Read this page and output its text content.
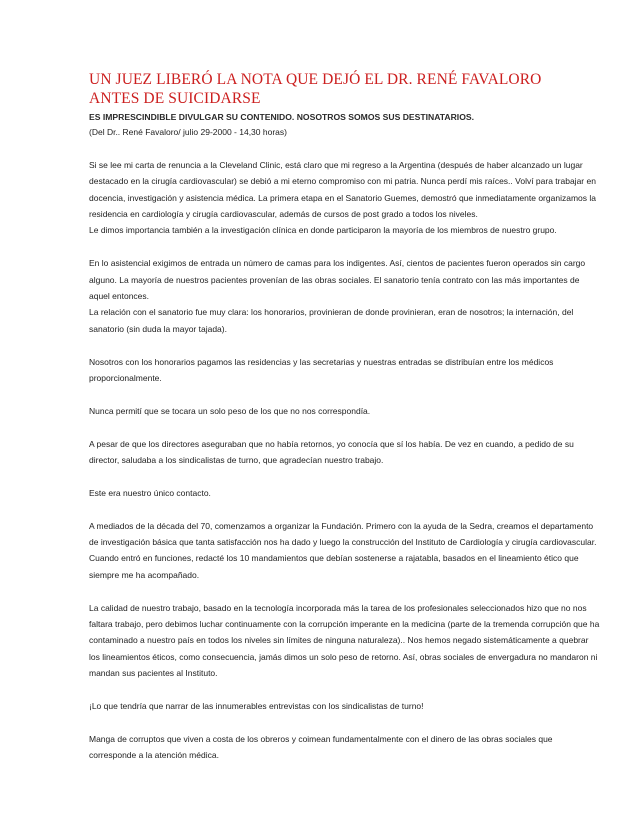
UN JUEZ LIBERÓ LA NOTA QUE DEJÓ EL DR. RENÉ FAVALORO
ANTES DE SUICIDARSE
ES IMPRESCINDIBLE DIVULGAR SU CONTENIDO. NOSOTROS SOMOS SUS DESTINATARIOS.

(Del Dr.. René Favaloro/ julio 29-2000 - 14,30 horas)

Si se lee mi carta de renuncia a la Cleveland Clinic, está claro que mi regreso a la Argentina (después de haber alcanzado un lugar destacado en la cirugía cardiovascular) se debió a mi eterno compromiso con mi patria. Nunca perdí mis raíces.. Volví para trabajar en docencia, investigación y asistencia médica. La primera etapa en el Sanatorio Guemes, demostró que inmediatamente organizamos la residencia en cardiología y cirugía cardiovascular, además de cursos de post grado a todos los niveles.

Le dimos importancia también a la investigación clínica en donde participaron la mayoría de los miembros de nuestro grupo.

En lo asistencial exigimos de entrada un número de camas para los indigentes. Así, cientos de pacientes fueron operados sin cargo alguno. La mayoría de nuestros pacientes provenían de las obras sociales. El sanatorio tenía contrato con las más importantes de aquel entonces.

La relación con el sanatorio fue muy clara: los honorarios, provinieran de donde provinieran, eran de nosotros; la internación, del sanatorio (sin duda la mayor tajada).

Nosotros con los honorarios pagamos las residencias y las secretarias y nuestras entradas se distribuían entre los médicos proporcionalmente.

Nunca permití que se tocara un solo peso de los que no nos correspondía.

A pesar de que los directores aseguraban que no había retornos, yo conocía que sí los había. De vez en cuando, a pedido de su director, saludaba a los sindicalistas de turno, que agradecían nuestro trabajo.

Este era nuestro único contacto.

A mediados de la década del 70, comenzamos a organizar la Fundación. Primero con la ayuda de la Sedra, creamos el departamento de investigación básica que tanta satisfacción nos ha dado y luego la construcción del Instituto de Cardiología y cirugía cardiovascular.

Cuando entró en funciones, redacté los 10 mandamientos que debían sostenerse a rajatabla, basados en el lineamiento ético que siempre me ha acompañado.

La calidad de nuestro trabajo, basado en la tecnología incorporada más la tarea de los profesionales seleccionados hizo que no nos faltara trabajo, pero debimos luchar continuamente con la corrupción imperante en la medicina (parte de la tremenda corrupción que ha contaminado a nuestro país en todos los niveles sin límites de ninguna naturaleza).. Nos hemos negado sistemáticamente a quebrar los lineamientos éticos, como consecuencia, jamás dimos un solo peso de retorno. Así, obras sociales de envergadura no mandaron ni mandan sus pacientes al Instituto.

¡Lo que tendría que narrar de las innumerables entrevistas con los sindicalistas de turno!

Manga de corruptos que viven a costa de los obreros y coimean fundamentalmente con el dinero de las obras sociales que corresponde a la atención médica.
